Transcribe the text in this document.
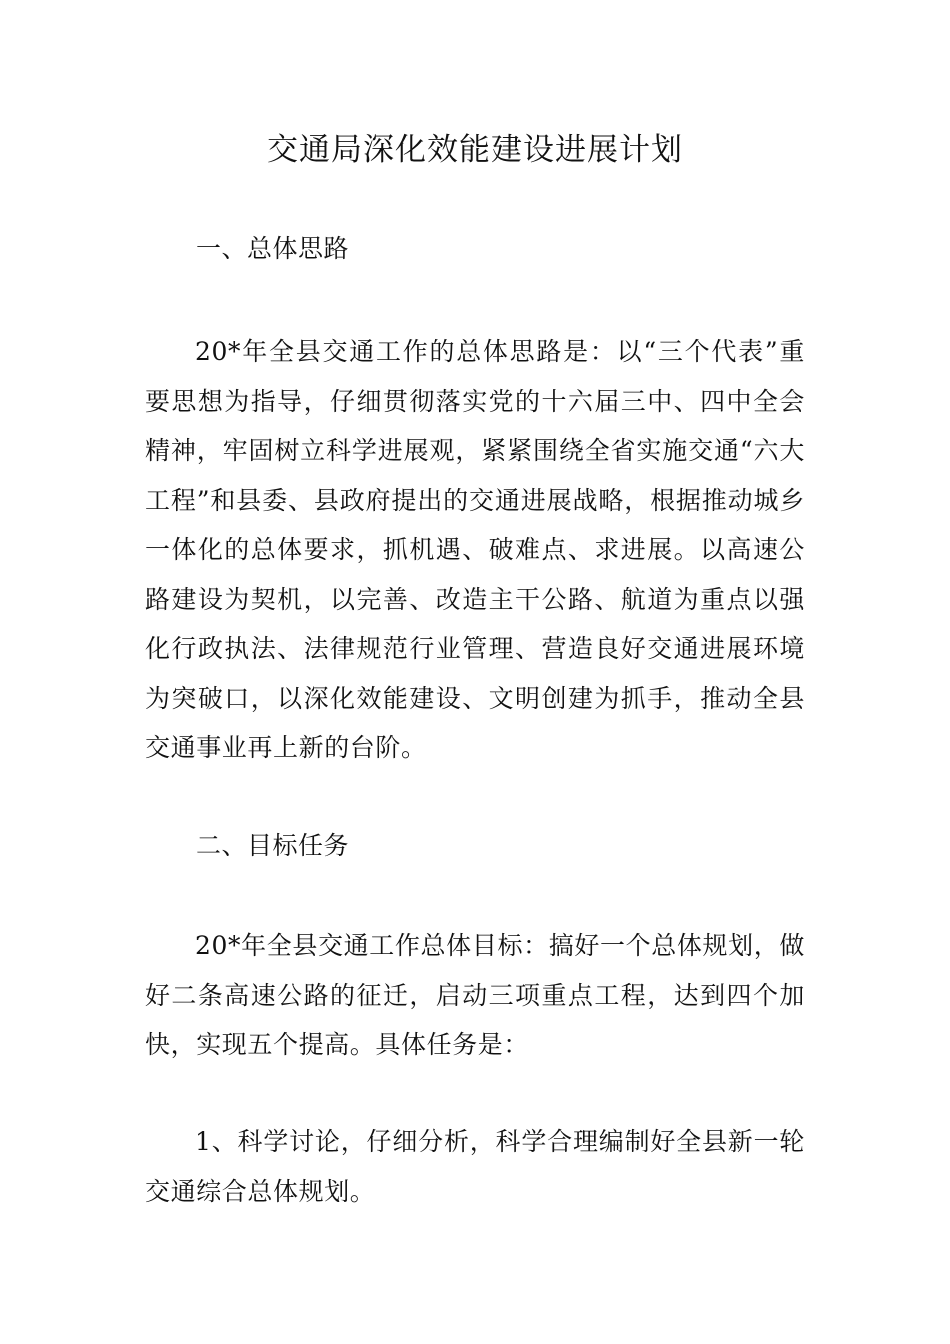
交通局深化效能建设进展计划
一、总体思路

20*年全县交通工作的总体思路是：以“三个代表”重要思想为指导，仔细贯彻落实党的十六届三中、四中全会精神，牢固树立科学进展观，紧紧围绕全省实施交通“六大工程”和县委、县政府提出的交通进展战略，根据推动城乡一体化的总体要求，抓机遇、破难点、求进展。以高速公路建设为契机，以完善、改造主干公路、航道为重点以强化行政执法、法律规范行业管理、营造良好交通进展环境为突破口，以深化效能建设、文明创建为抓手，推动全县交通事业再上新的台阶。

二、目标任务

20*年全县交通工作总体目标：搞好一个总体规划，做好二条高速公路的征迁，启动三项重点工程，达到四个加快，实现五个提高。具体任务是：

1、科学讨论，仔细分析，科学合理编制好全县新一轮交通综合总体规划。
